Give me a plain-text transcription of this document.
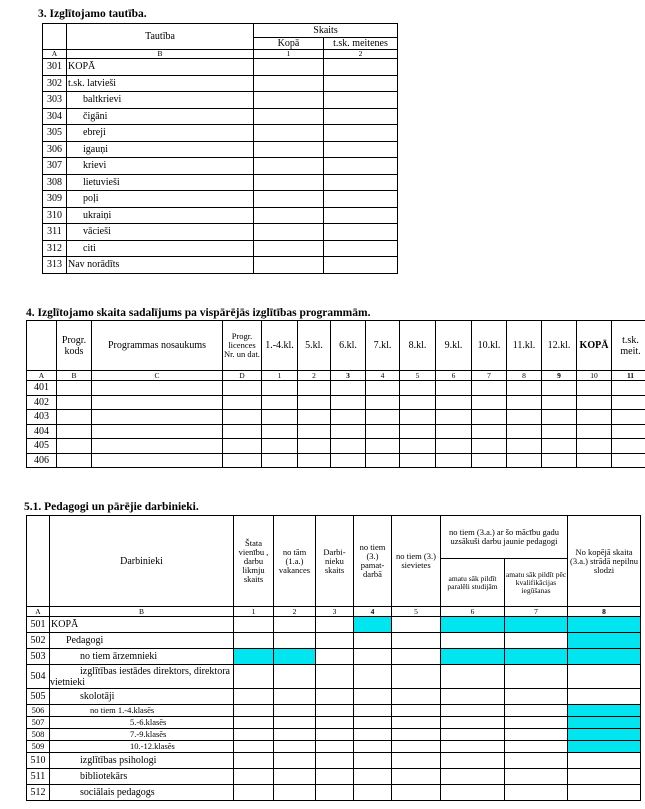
3. Izglītojamo tautība.
	Tautība	Skaits	
		Kopā	t.sk. meitenes
A	B	1	2
301	KOPĀ		
302	t.sk. latvieši		
303	baltkrievi		
304	čigāni		
305	ebreji		
306	igauņi		
307	krievi		
308	lietuvieši		
309	poļi		
310	ukraiņi		
311	vācieši		
312	citi		
313	Nav norādīts		
4. Izglītojamo skaita sadalījums pa vispārējās izglītības programmām.
	Progr. kods	Programmas nosaukums	Progr. licences Nr. un dat.	1.-4.kl.	5.kl.	6.kl.	7.kl.	8.kl.	9.kl.	10.kl.	11.kl.	12.kl.	KOPĀ	t.sk. meit.
A	B	C	D	1	2	3	4	5	6	7	8	9	10	11
401														
402														
403														
404														
405														
406														
5.1. Pedagogi un pārējie darbinieki.
	Darbinieki	Štata vienību , darbu likmju skaits	no tām (1.a.) vakances	Darbi-nieku skaits	no tiem (3.) pamat-darbā	no tiem (3.) sievietes	no tiem (3.a.) ar šo mācību gadu uzsākuši darbu jaunie pedagogi		No kopējā skaita (3.a.) strādā nepilnu slodzi
							amatu sāk pildīt paralēli studijām	amatu sāk pildīt pēc kvalifikācijas iegūšanas	
A	B	1	2	3	4	5	6	7	8
501	KOPĀ								
502	Pedagogi								
503	no tiem ārzemnieki								
504	izglītības iestādes direktors, direktora vietnieki								
505	skolotāji								
506	no tiem 1.-4.klasēs								
507	5.-6.klasēs								
508	7.-9.klasēs								
509	10.-12.klasēs								
510	izglītības psihologi								
511	bibliotekārs								
512	sociālais pedagogs								
